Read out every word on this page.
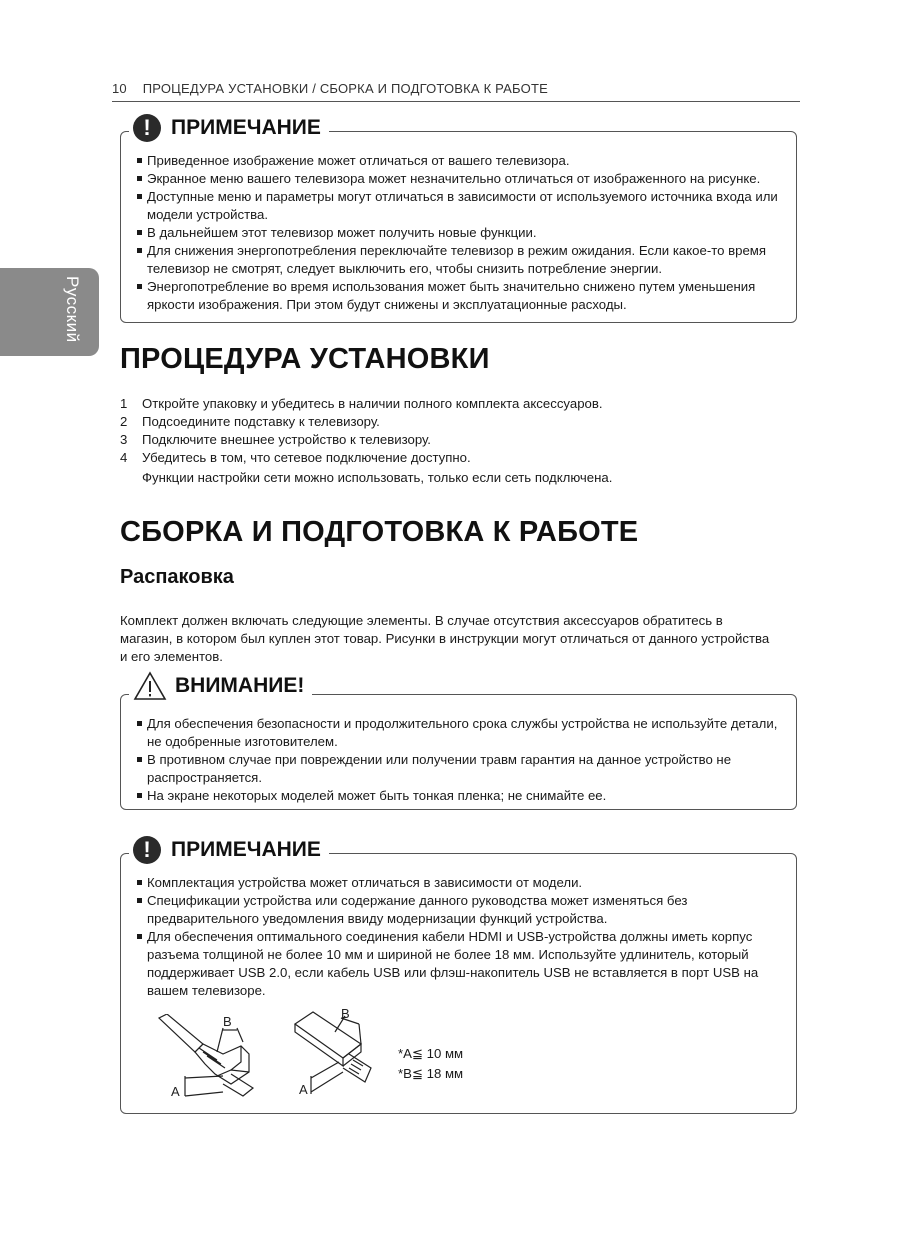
10 ПРОЦЕДУРА УСТАНОВКИ / СБОРКА И ПОДГОТОВКА К РАБОТЕ
Русский
! ПРИМЕЧАНИЕ
Приведенное изображение может отличаться от вашего телевизора.
Экранное меню вашего телевизора может незначительно отличаться от изображенного на рисунке.
Доступные меню и параметры могут отличаться в зависимости от используемого источника входа или модели устройства.
В дальнейшем этот телевизор может получить новые функции.
Для снижения энергопотребления переключайте телевизор в режим ожидания. Если какое-то время телевизор не смотрят, следует выключить его, чтобы снизить потребление энергии.
Энергопотребление во время использования может быть значительно снижено путем уменьшения яркости изображения. При этом будут снижены и эксплуатационные расходы.
ПРОЦЕДУРА УСТАНОВКИ
1	Откройте упаковку и убедитесь в наличии полного комплекта аксессуаров.
2	Подсоедините подставку к телевизору.
3	Подключите внешнее устройство к телевизору.
4	Убедитесь в том, что сетевое подключение доступно.
Функции настройки сети можно использовать, только если сеть подключена.
СБОРКА И ПОДГОТОВКА К РАБОТЕ
Распаковка
Комплект должен включать следующие элементы. В случае отсутствия аксессуаров обратитесь в магазин, в котором был куплен этот товар. Рисунки в инструкции могут отличаться от данного устройства и его элементов.
ВНИМАНИЕ!
Для обеспечения безопасности и продолжительного срока службы устройства не используйте детали, не одобренные изготовителем.
В противном случае при повреждении или получении травм гарантия на данное устройство не распространяется.
На экране некоторых моделей может быть тонкая пленка; не снимайте ее.
! ПРИМЕЧАНИЕ
Комплектация устройства может отличаться в зависимости от модели.
Спецификации устройства или содержание данного руководства может изменяться без предварительного уведомления ввиду модернизации функций устройства.
Для обеспечения оптимального соединения кабели HDMI и USB-устройства должны иметь корпус разъема толщиной не более 10 мм и шириной не более 18 мм. Используйте удлинитель, который поддерживает USB 2.0, если кабель USB или флэш-накопитель USB не вставляется в порт USB на вашем телевизоре.
B
A
B
A
*A≦ 10 мм
*B≦ 18 мм
